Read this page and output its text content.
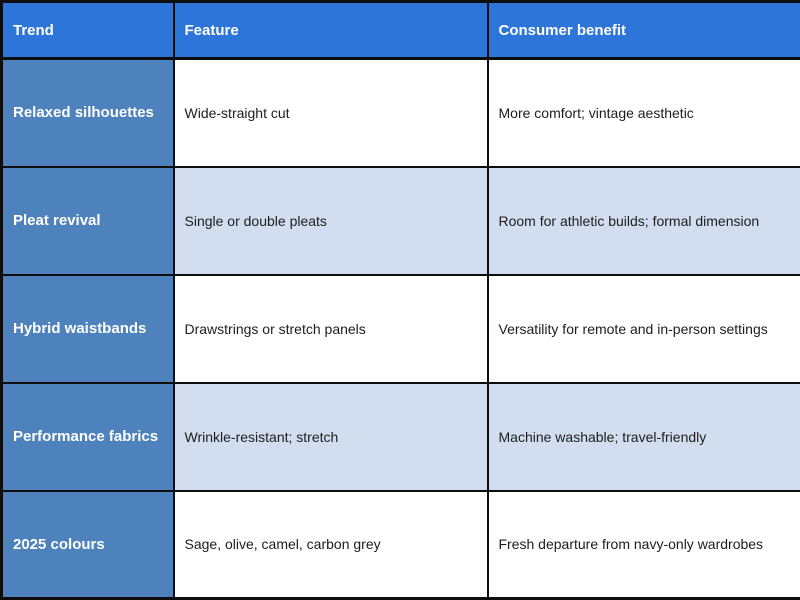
Trend	Feature	Consumer benefit
Relaxed silhouettes	Wide-straight cut	More comfort; vintage aesthetic
Pleat revival	Single or double pleats	Room for athletic builds; formal dimension
Hybrid waistbands	Drawstrings or stretch panels	Versatility for remote and in-person settings
Performance fabrics	Wrinkle-resistant; stretch	Machine washable; travel-friendly
2025 colours	Sage, olive, camel, carbon grey	Fresh departure from navy-only wardrobes
